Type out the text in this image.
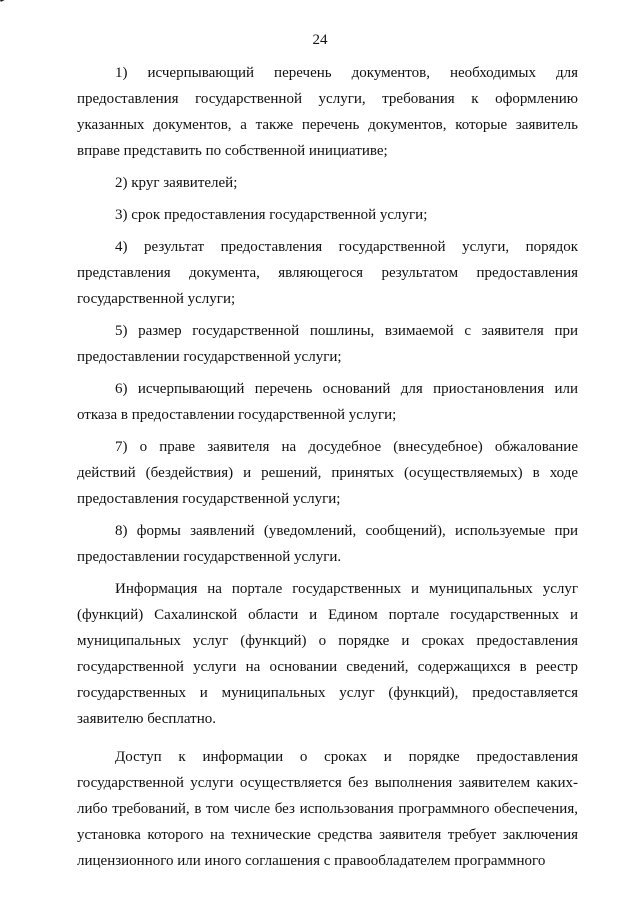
24

1) исчерпывающий перечень документов, необходимых для предоставления государственной услуги, требования к оформлению указанных документов, а также перечень документов, которые заявитель вправе представить по собственной инициативе;

2) круг заявителей;

3) срок предоставления государственной услуги;

4) результат предоставления государственной услуги, порядок представления документа, являющегося результатом предоставления государственной услуги;

5) размер государственной пошлины, взимаемой с заявителя при предоставлении государственной услуги;

6) исчерпывающий перечень оснований для приостановления или отказа в предоставлении государственной услуги;

7) о праве заявителя на досудебное (внесудебное) обжалование действий (бездействия) и решений, принятых (осуществляемых) в ходе предоставления государственной услуги;

8) формы заявлений (уведомлений, сообщений), используемые при предоставлении государственной услуги.

Информация на портале государственных и муниципальных услуг (функций) Сахалинской области и Едином портале государственных и муниципальных услуг (функций) о порядке и сроках предоставления государственной услуги на основании сведений, содержащихся в реестр государственных и муниципальных услуг (функций), предоставляется заявителю бесплатно.

Доступ к информации о сроках и порядке предоставления государственной услуги осуществляется без выполнения заявителем каких-либо требований, в том числе без использования программного обеспечения, установка которого на технические средства заявителя требует заключения лицензионного или иного соглашения с правообладателем программного
